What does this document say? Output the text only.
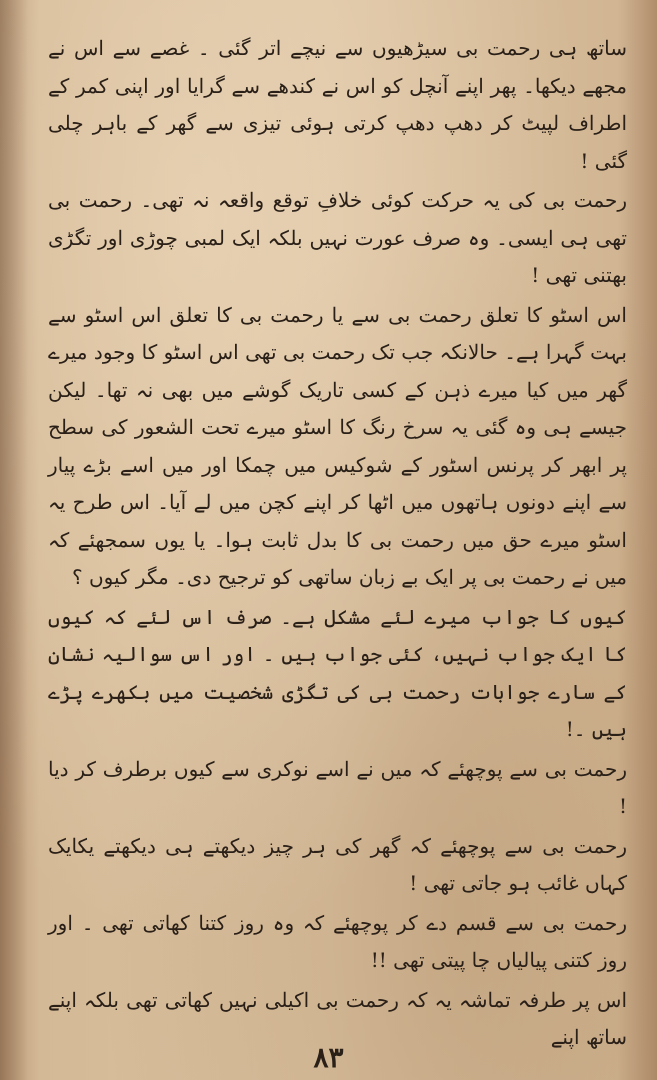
ساتھ ہی رحمت بی سیڑھیوں سے نیچے اتر گئی ۔ غصے سے اس نے مجھے دیکھا۔ پھر اپنے آنچل کو اس نے کندھے سے گرایا اور اپنی کمر کے اطراف لپیٹ کر دھپ دھپ کرتی ہوئی تیزی سے گھر کے باہر چلی گئی !

رحمت بی کی یہ حرکت کوئی خلافِ توقع واقعہ نہ تھی۔ رحمت بی تھی ہی ایسی۔ وہ صرف عورت نہیں بلکہ ایک لمبی چوڑی اور تگڑی بھتنی تھی !

اس اسٹو کا تعلق رحمت بی سے یا رحمت بی کا تعلق اس اسٹو سے بہت گہرا ہے۔ حالانکہ جب تک رحمت بی تھی اس اسٹو کا وجود میرے گھر میں کیا میرے ذہن کے کسی تاریک گوشے میں بھی نہ تھا۔ لیکن جیسے ہی وہ گئی یہ سرخ رنگ کا اسٹو میرے تحت الشعور کی سطح پر ابھر کر پرنس اسٹور کے شوکیس میں چمکا اور میں اسے بڑے پیار سے اپنے دونوں ہاتھوں میں اٹھا کر اپنے کچن میں لے آیا۔ اس طرح یہ اسٹو میرے حق میں رحمت بی کا بدل ثابت ہوا۔ یا یوں سمجھئے کہ میں نے رحمت بی پر ایک بے زبان ساتھی کو ترجیح دی۔ مگر کیوں ؟

کیوں کا جواب میرے لئے مشکل ہے۔ صرف اس لئے کہ کیوں کا ایک جواب نہیں، کئی جواب ہیں ۔ اور اس سوالیہ نشان کے سارے جوابات رحمت بی کی تگڑی شخصیت میں بکھرے پڑے ہیں ۔!

رحمت بی سے پوچھئے کہ میں نے اسے نوکری سے کیوں برطرف کر دیا !

رحمت بی سے پوچھئے کہ گھر کی ہر چیز دیکھتے ہی دیکھتے یکایک کہاں غائب ہو جاتی تھی !

رحمت بی سے قسم دے کر پوچھئے کہ وہ روز کتنا کھاتی تھی ۔ اور روز کتنی پیالیاں چا پیتی تھی !!

اس پر طرفہ تماشہ یہ کہ رحمت بی اکیلی نہیں کھاتی تھی بلکہ اپنے ساتھ اپنے

۸۳
